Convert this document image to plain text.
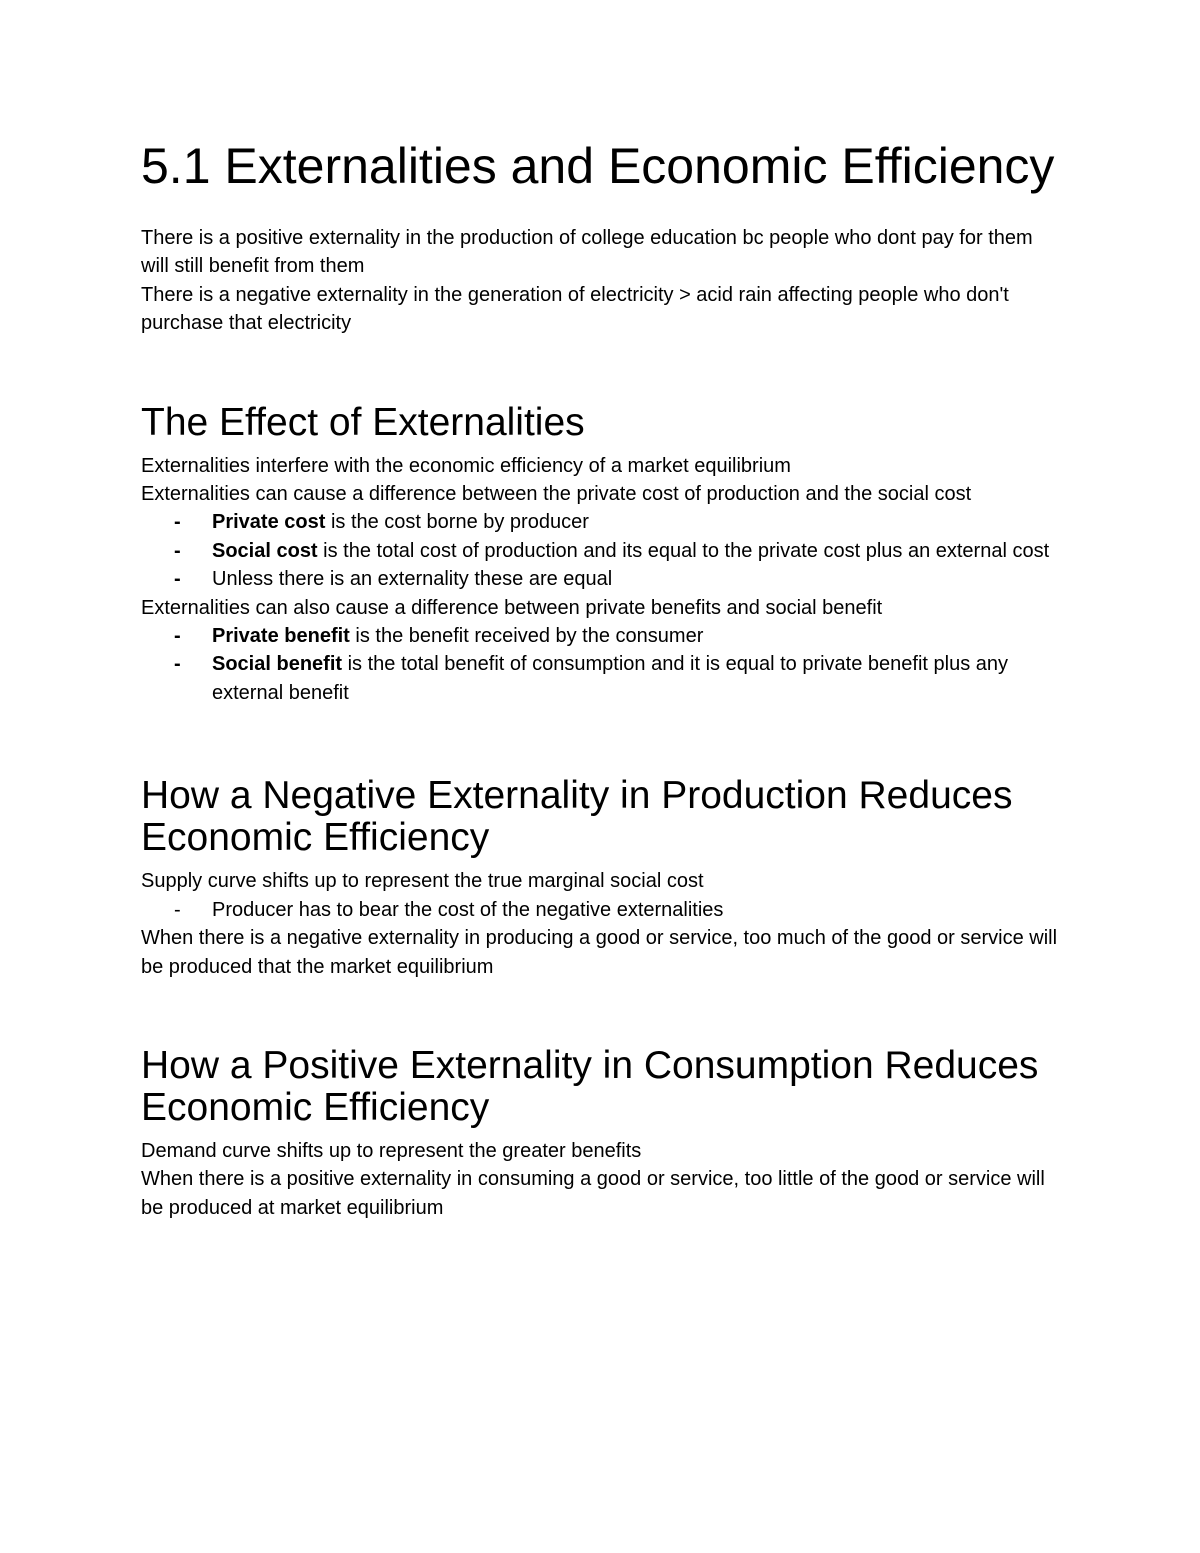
5.1 Externalities and Economic Efficiency

There is a positive externality in the production of college education bc people who dont pay for them will still benefit from them

There is a negative externality in the generation of electricity > acid rain affecting people who don't purchase that electricity

The Effect of Externalities

Externalities interfere with the economic efficiency of a market equilibrium

Externalities can cause a difference between the private cost of production and the social cost

- Private cost is the cost borne by producer
- Social cost is the total cost of production and its equal to the private cost plus an external cost
- Unless there is an externality these are equal

Externalities can also cause a difference between private benefits and social benefit

- Private benefit is the benefit received by the consumer
- Social benefit is the total benefit of consumption and it is equal to private benefit plus any external benefit
How a Negative Externality in Production Reduces Economic Efficiency

Supply curve shifts up to represent the true marginal social cost

- Producer has to bear the cost of the negative externalities

When there is a negative externality in producing a good or service, too much of the good or service will be produced that the market equilibrium

How a Positive Externality in Consumption Reduces Economic Efficiency

Demand curve shifts up to represent the greater benefits

When there is a positive externality in consuming a good or service, too little of the good or service will be produced at market equilibrium
